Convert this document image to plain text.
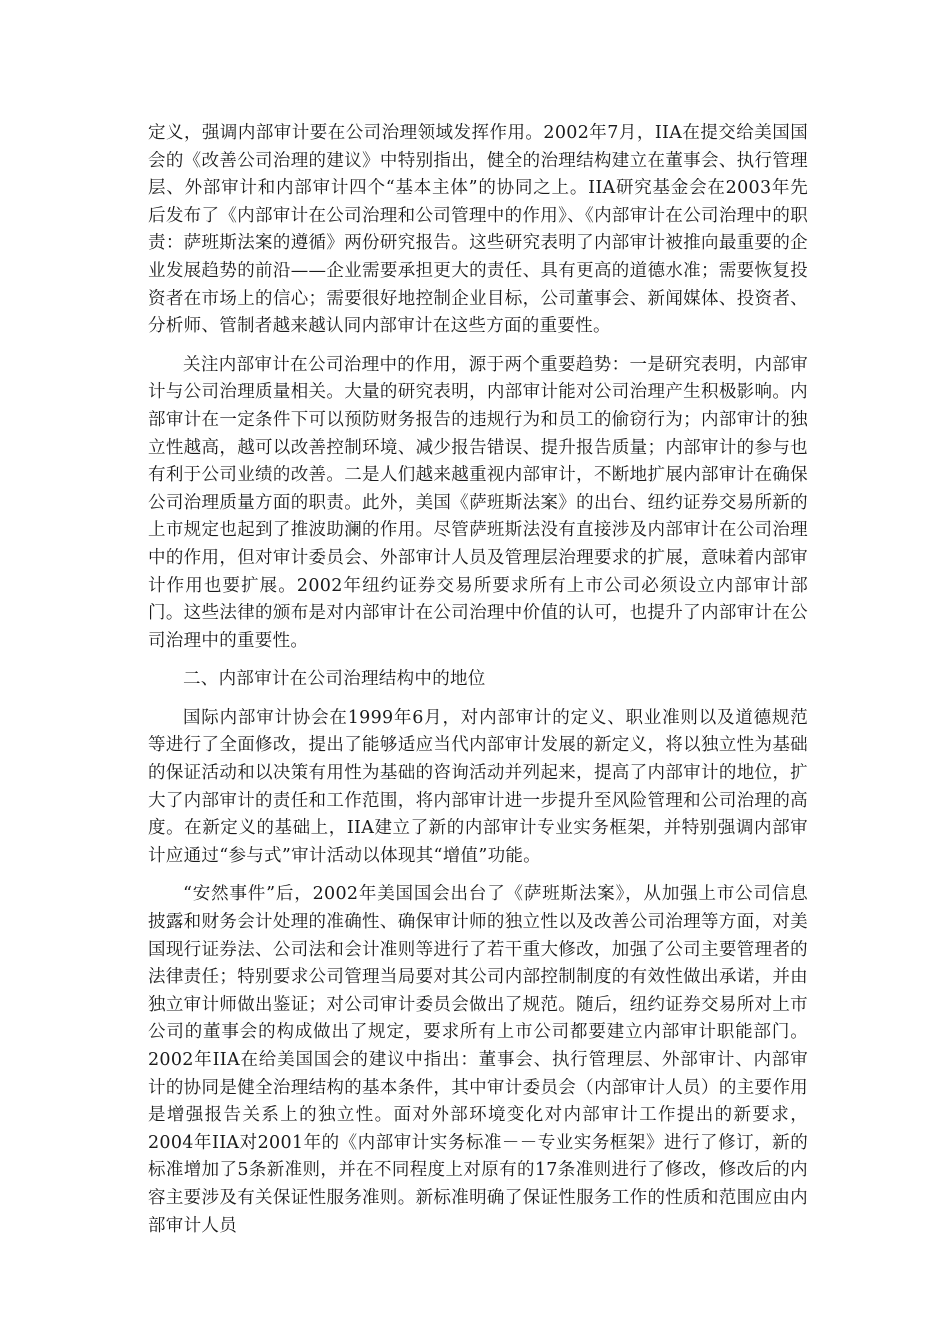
定义，强调内部审计要在公司治理领域发挥作用。2002年7月，IIA在提交给美国国会的《改善公司治理的建议》中特别指出，健全的治理结构建立在董事会、执行管理层、外部审计和内部审计四个“基本主体”的协同之上。IIA研究基金会在2003年先后发布了《内部审计在公司治理和公司管理中的作用》、《内部审计在公司治理中的职责：萨班斯法案的遵循》两份研究报告。这些研究表明了内部审计被推向最重要的企业发展趋势的前沿——企业需要承担更大的责任、具有更高的道德水准；需要恢复投资者在市场上的信心；需要很好地控制企业目标，公司董事会、新闻媒体、投资者、分析师、管制者越来越认同内部审计在这些方面的重要性。

关注内部审计在公司治理中的作用，源于两个重要趋势：一是研究表明，内部审计与公司治理质量相关。大量的研究表明，内部审计能对公司治理产生积极影响。内部审计在一定条件下可以预防财务报告的违规行为和员工的偷窃行为；内部审计的独立性越高，越可以改善控制环境、减少报告错误、提升报告质量；内部审计的参与也有利于公司业绩的改善。二是人们越来越重视内部审计，不断地扩展内部审计在确保公司治理质量方面的职责。此外，美国《萨班斯法案》的出台、纽约证券交易所新的上市规定也起到了推波助澜的作用。尽管萨班斯法没有直接涉及内部审计在公司治理中的作用，但对审计委员会、外部审计人员及管理层治理要求的扩展，意味着内部审计作用也要扩展。2002年纽约证券交易所要求所有上市公司必须设立内部审计部门。这些法律的颁布是对内部审计在公司治理中价值的认可，也提升了内部审计在公司治理中的重要性。

二、内部审计在公司治理结构中的地位

国际内部审计协会在1999年6月，对内部审计的定义、职业准则以及道德规范等进行了全面修改，提出了能够适应当代内部审计发展的新定义，将以独立性为基础的保证活动和以决策有用性为基础的咨询活动并列起来，提高了内部审计的地位，扩大了内部审计的责任和工作范围，将内部审计进一步提升至风险管理和公司治理的高度。在新定义的基础上，IIA建立了新的内部审计专业实务框架，并特别强调内部审计应通过“参与式”审计活动以体现其“增值”功能。

“安然事件”后，2002年美国国会出台了《萨班斯法案》，从加强上市公司信息披露和财务会计处理的准确性、确保审计师的独立性以及改善公司治理等方面，对美国现行证券法、公司法和会计准则等进行了若干重大修改，加强了公司主要管理者的法律责任；特别要求公司管理当局要对其公司内部控制制度的有效性做出承诺，并由独立审计师做出鉴证；对公司审计委员会做出了规范。随后，纽约证券交易所对上市公司的董事会的构成做出了规定，要求所有上市公司都要建立内部审计职能部门。2002年IIA在给美国国会的建议中指出：董事会、执行管理层、外部审计、内部审计的协同是健全治理结构的基本条件，其中审计委员会（内部审计人员）的主要作用是增强报告关系上的独立性。面对外部环境变化对内部审计工作提出的新要求，2004年IIA对2001年的《内部审计实务标准－－专业实务框架》进行了修订，新的标准增加了5条新准则，并在不同程度上对原有的17条准则进行了修改，修改后的内容主要涉及有关保证性服务准则。新标准明确了保证性服务工作的性质和范围应由内部审计人员
